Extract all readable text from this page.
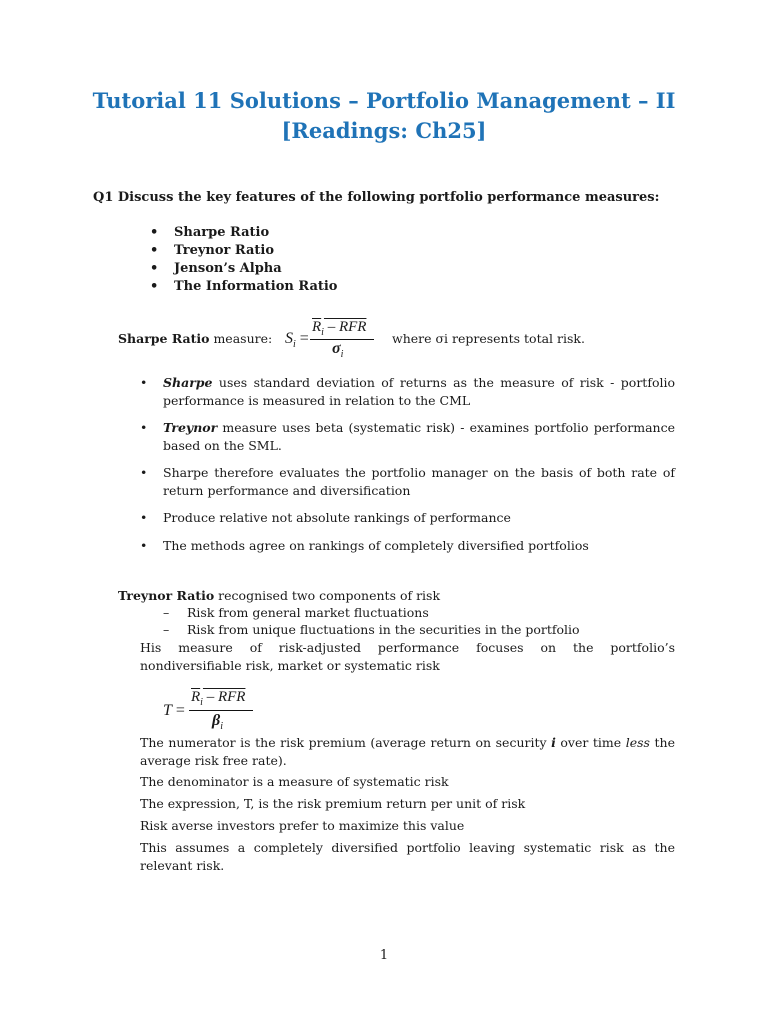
Tutorial 11 Solutions – Portfolio Management – II
[Readings: Ch25]

Q1 Discuss the key features of the following portfolio performance measures:

• Sharpe Ratio
• Treynor Ratio
• Jenson’s Alpha
• The Information Ratio
Sharpe Ratio measure: $S_i$ =
$\overline{R}_i$ – RFR
$\sigma_i$
where σi represents total risk.
• Sharpe uses standard deviation of returns as the measure of risk - portfolio performance is measured in relation to the CML
• Treynor measure uses beta (systematic risk) - examines portfolio performance based on the SML.
• Sharpe therefore evaluates the portfolio manager on the basis of both rate of return performance and diversification
• Produce relative not absolute rankings of performance
• The methods agree on rankings of completely diversified portfolios
Treynor Ratio recognised two components of risk
– Risk from general market fluctuations
– Risk from unique fluctuations in the securities in the portfolio
His measure of risk-adjusted performance focuses on the portfolio’s nondiversifiable risk, market or systematic risk
T =
$\overline{R}_i$ – RFR
$\beta_i$
The numerator is the risk premium (average return on security i over time less the average risk free rate).
The denominator is a measure of systematic risk
The expression, T, is the risk premium return per unit of risk
Risk averse investors prefer to maximize this value
This assumes a completely diversified portfolio leaving systematic risk as the relevant risk.
1
